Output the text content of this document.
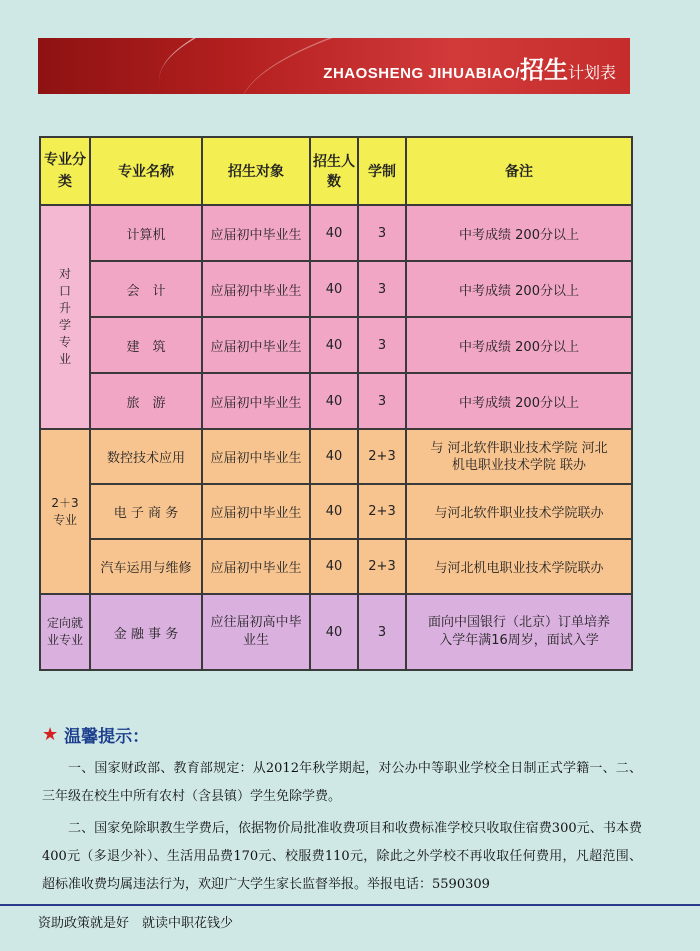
ZHAOSHENG JIHUABIAO/招生计划表
专业分类	专业名称	招生对象	招生人数	学制	备注
对口升学专业	计算机	应届初中毕业生	40	3	中考成绩 200分以上
	会　计	应届初中毕业生	40	3	中考成绩 200分以上
	建　筑	应届初中毕业生	40	3	中考成绩 200分以上
	旅　游	应届初中毕业生	40	3	中考成绩 200分以上
2＋3专业	数控技术应用	应届初中毕业生	40	2+3	与 河北软件职业技术学院 河北机电职业技术学院 联办
	电 子 商 务	应届初中毕业生	40	2+3	与河北软件职业技术学院联办
	汽车运用与维修	应届初中毕业生	40	2+3	与河北机电职业技术学院联办
定向就业专业	金 融 事 务	应往届初高中毕业生	40	3	面向中国银行（北京）订单培养 入学年满16周岁，面试入学
★ 温馨提示：

一、国家财政部、教育部规定：从2012年秋学期起，对公办中等职业学校全日制正式学籍一、二、三年级在校生中所有农村（含县镇）学生免除学费。

二、国家免除职教生学费后，依据物价局批准收费项目和收费标准学校只收取住宿费300元、书本费400元（多退少补）、生活用品费170元、校服费110元，除此之外学校不再收取任何费用，凡超范围、超标准收费均属违法行为，欢迎广大学生家长监督举报。举报电话：5590309

资助政策就是好　就读中职花钱少
